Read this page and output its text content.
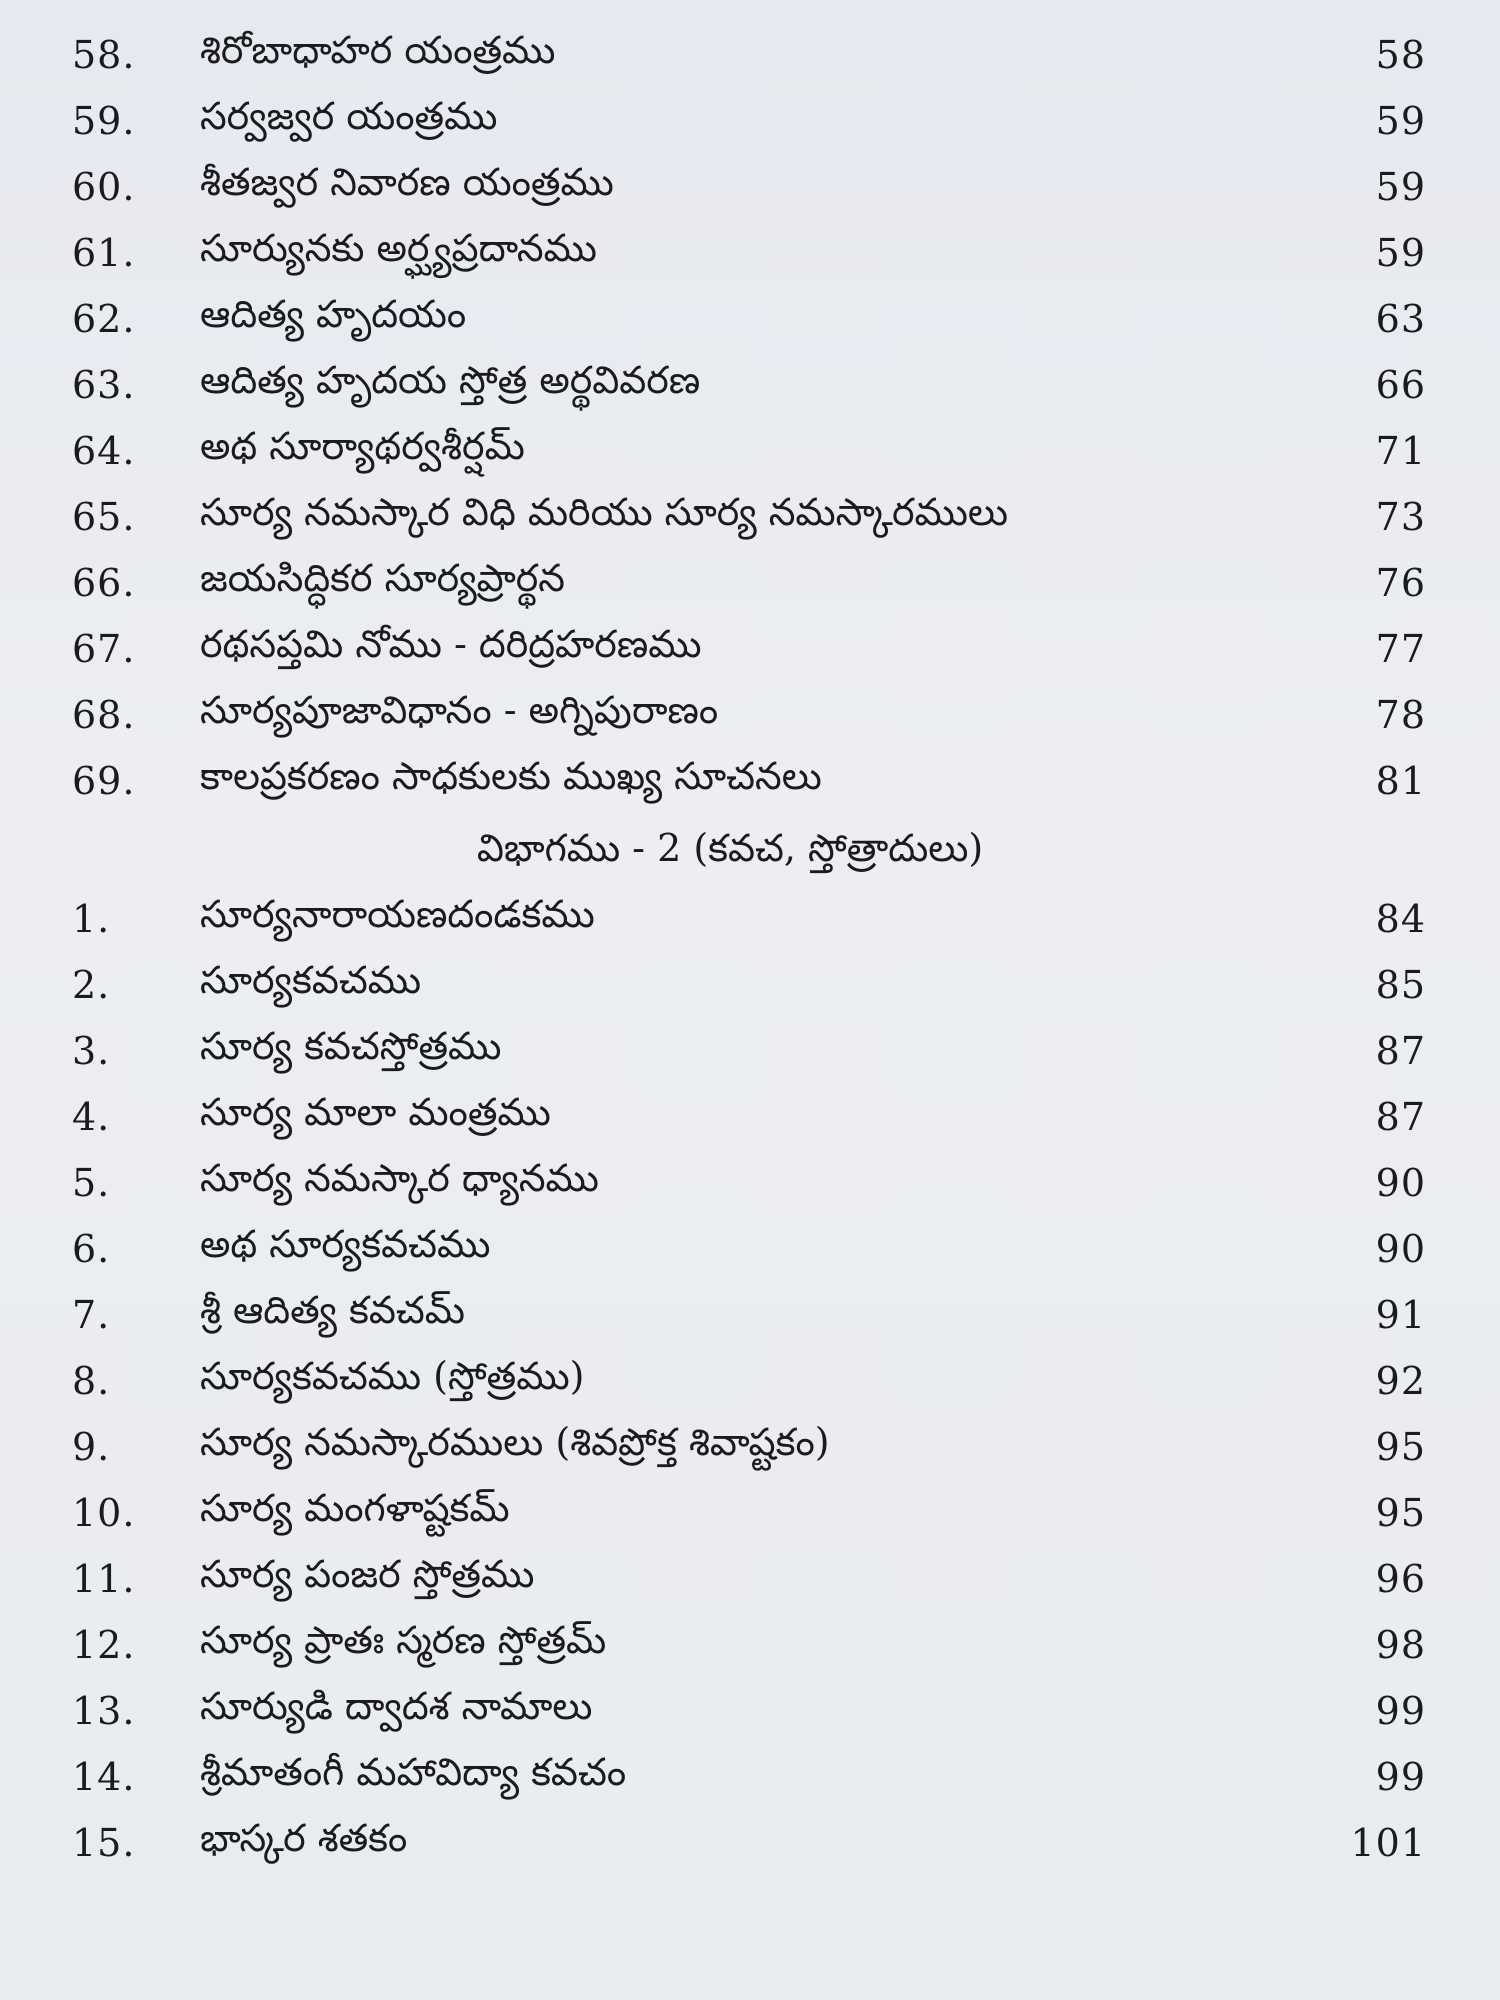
58.	శిరోబాధాహర యంత్రము	58
59.	సర్వజ్వర యంత్రము	59
60.	శీతజ్వర నివారణ యంత్రము	59
61.	సూర్యునకు అర్ఘ్యప్రదానము	59
62.	ఆదిత్య హృదయం	63
63.	ఆదిత్య హృదయ స్తోత్ర అర్థవివరణ	66
64.	అథ సూర్యాథర్వశీర్షమ్	71
65.	సూర్య నమస్కార విధి మరియు సూర్య నమస్కారములు	73
66.	జయసిద్ధికర సూర్యప్రార్థన	76
67.	రథసప్తమి నోము - దరిద్రహరణము	77
68.	సూర్యపూజావిధానం - అగ్నిపురాణం	78
69.	కాలప్రకరణం సాధకులకు ముఖ్య సూచనలు	81
విభాగము - 2 (కవచ, స్తోత్రాదులు)
1.	సూర్యనారాయణదండకము	84
2.	సూర్యకవచము	85
3.	సూర్య కవచస్తోత్రము	87
4.	సూర్య మాలా మంత్రము	87
5.	సూర్య నమస్కార ధ్యానము	90
6.	అథ సూర్యకవచము	90
7.	శ్రీ ఆదిత్య కవచమ్	91
8.	సూర్యకవచము (స్తోత్రము)	92
9.	సూర్య నమస్కారములు (శివప్రోక్త శివాష్టకం)	95
10.	సూర్య మంగళాష్టకమ్	95
11.	సూర్య పంజర స్తోత్రము	96
12.	సూర్య ప్రాతః స్మరణ స్తోత్రమ్	98
13.	సూర్యుడి ద్వాదశ నామాలు	99
14.	శ్రీమాతంగీ మహావిద్యా కవచం	99
15.	భాస్కర శతకం	101
